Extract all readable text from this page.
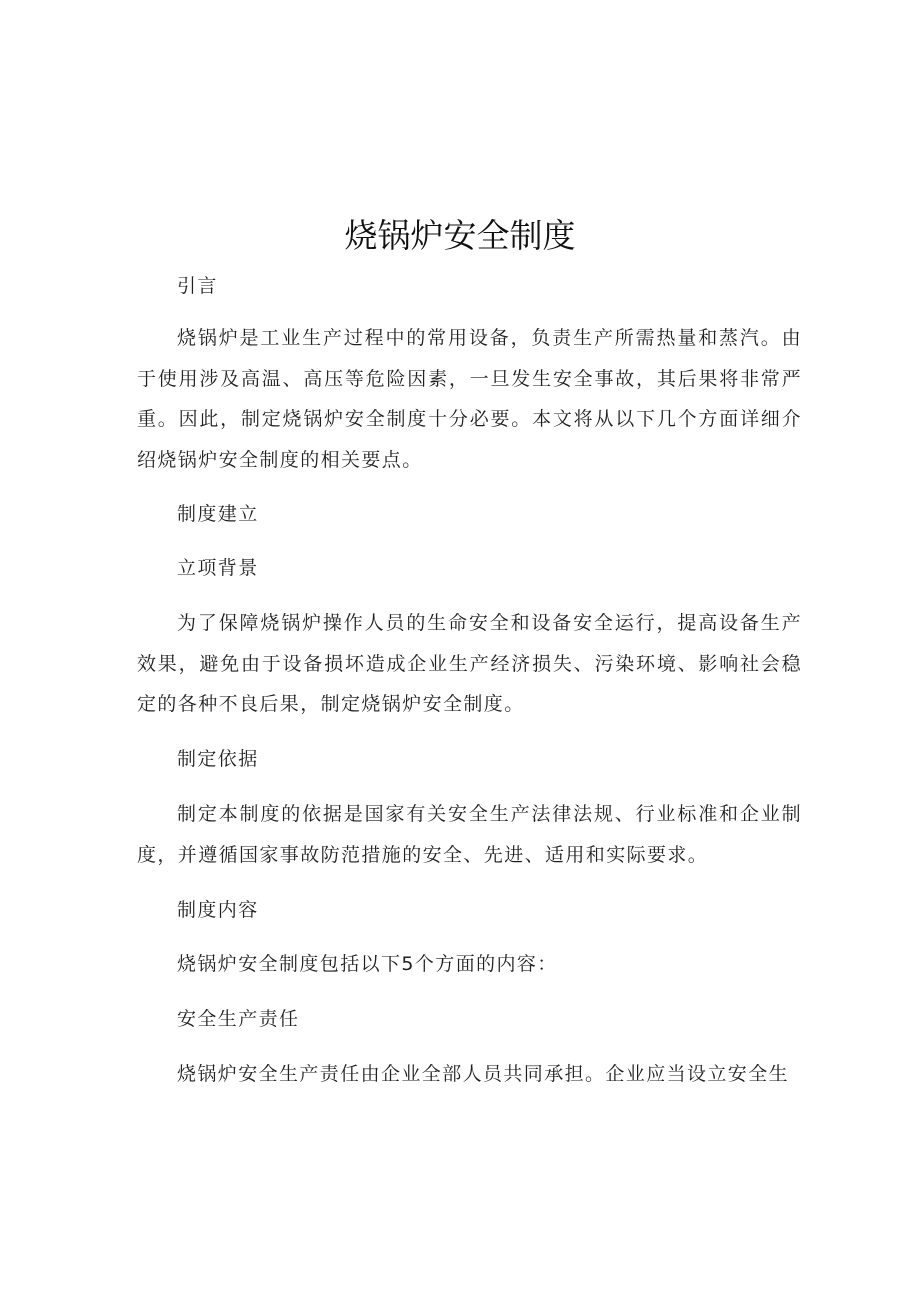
烧锅炉安全制度

引言

烧锅炉是工业生产过程中的常用设备，负责生产所需热量和蒸汽。由于使用涉及高温、高压等危险因素，一旦发生安全事故，其后果将非常严重。因此，制定烧锅炉安全制度十分必要。本文将从以下几个方面详细介绍烧锅炉安全制度的相关要点。

制度建立

立项背景

为了保障烧锅炉操作人员的生命安全和设备安全运行，提高设备生产效果，避免由于设备损坏造成企业生产经济损失、污染环境、影响社会稳定的各种不良后果，制定烧锅炉安全制度。

制定依据

制定本制度的依据是国家有关安全生产法律法规、行业标准和企业制度，并遵循国家事故防范措施的安全、先进、适用和实际要求。

制度内容

烧锅炉安全制度包括以下5个方面的内容：

安全生产责任

烧锅炉安全生产责任由企业全部人员共同承担。企业应当设立安全生
